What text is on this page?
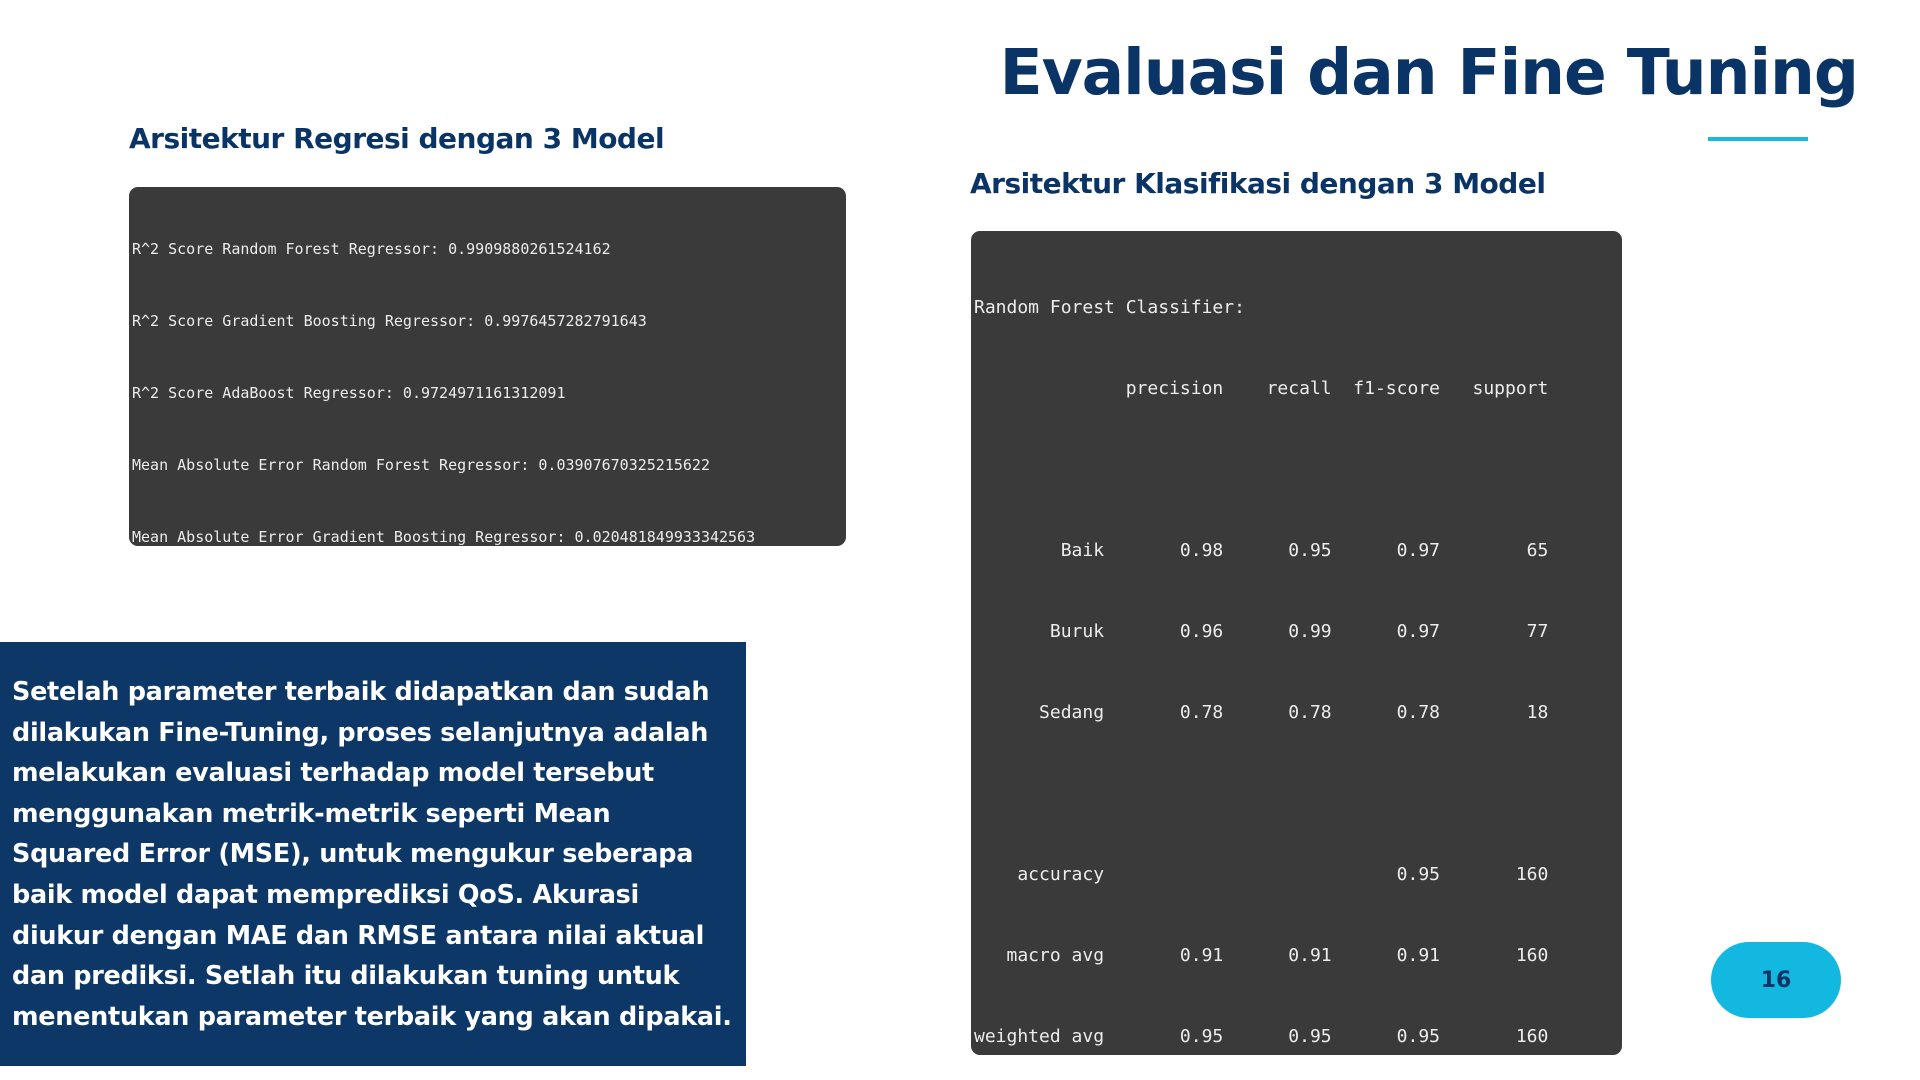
Evaluasi dan Fine Tuning
Arsitektur Regresi dengan 3 Model

R^2 Score Random Forest Regressor: 0.9909880261524162

R^2 Score Gradient Boosting Regressor: 0.9976457282791643

R^2 Score AdaBoost Regressor: 0.9724971161312091

Mean Absolute Error Random Forest Regressor: 0.03907670325215622

Mean Absolute Error Gradient Boosting Regressor: 0.020481849933342563

Arsitektur Klasifikasi dengan 3 Model

Random Forest Classifier:

precision    recall  f1-score   support

Baik       0.98      0.95      0.97        65

Buruk       0.96      0.99      0.97        77

Sedang       0.78      0.78      0.78        18

accuracy                           0.95       160

macro avg       0.91      0.91      0.91       160

weighted avg       0.95      0.95      0.95       160

Setelah parameter terbaik didapatkan dan sudah dilakukan Fine-Tuning, proses selanjutnya adalah melakukan evaluasi terhadap model tersebut menggunakan metrik-metrik seperti Mean Squared Error (MSE), untuk mengukur seberapa baik model dapat memprediksi QoS. Akurasi diukur dengan MAE dan RMSE antara nilai aktual dan prediksi. Setlah itu dilakukan tuning untuk menentukan parameter terbaik yang akan dipakai.

16
